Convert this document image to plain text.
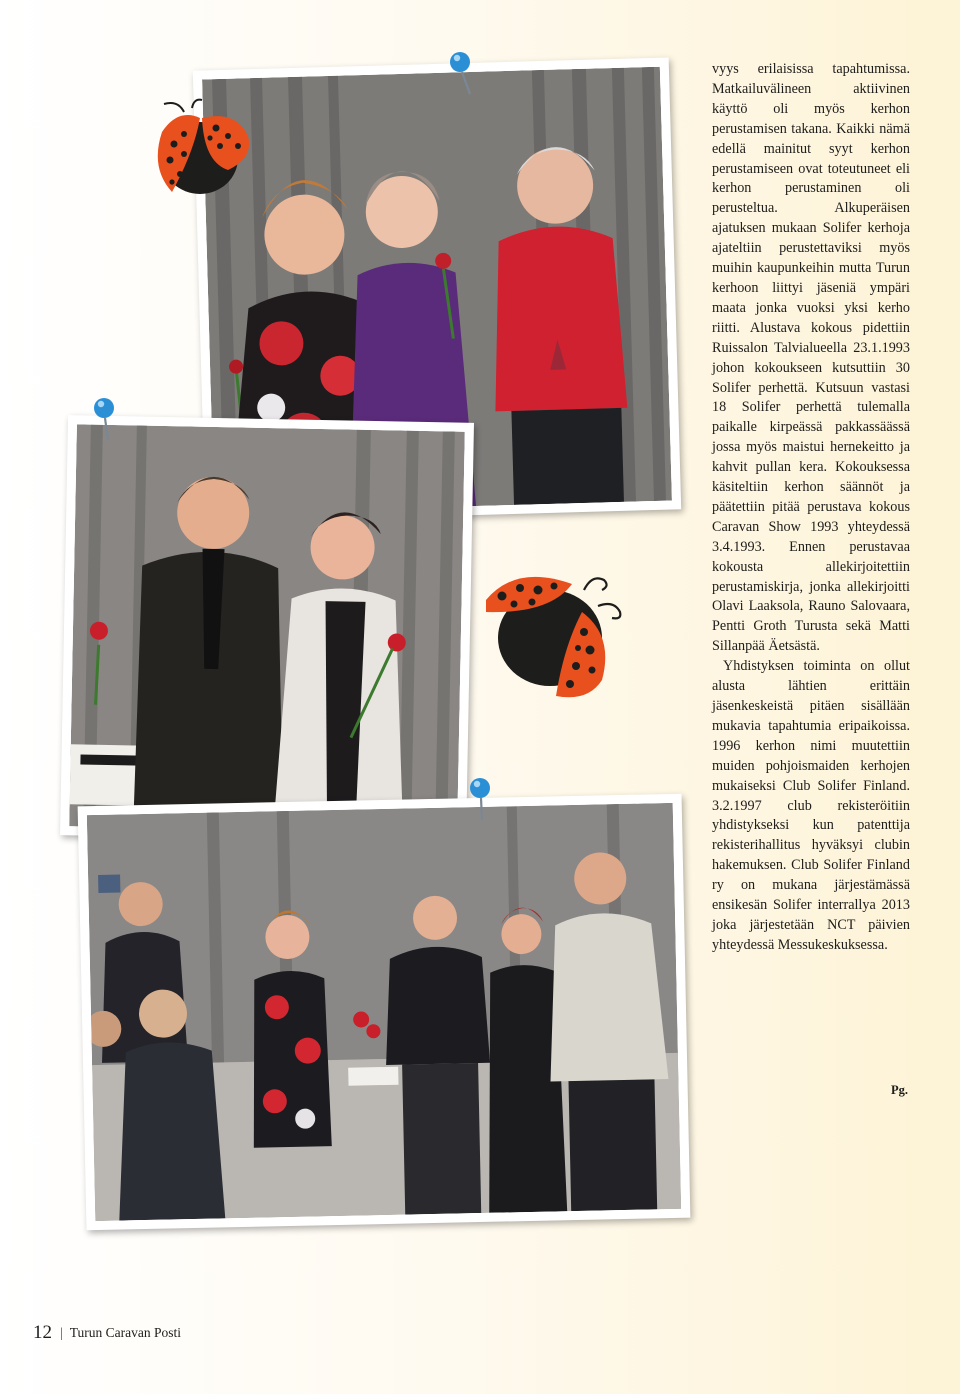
vyys erilaisissa tapahtumissa. Matkailuvälineen aktiivinen käyttö oli myös kerhon perustamisen takana. Kaikki nämä edellä mainitut syyt kerhon perustamiseen ovat toteutuneet eli kerhon perustaminen oli perusteltua. Alkuperäisen ajatuksen mukaan Solifer kerhoja ajateltiin perustettaviksi myös muihin kaupunkeihin mutta Turun kerhoon liittyi jäseniä ympäri maata jonka vuoksi yksi kerho riitti. Alustava kokous pidettiin Ruissalon Talvialueella 23.1.1993 johon kokoukseen kutsuttiin 30 Solifer perhettä. Kutsuun vastasi 18 Solifer perhettä tulemalla paikalle kirpeässä pakkassäässä jossa myös maistui hernekeitto ja kahvit pullan kera. Kokouksessa käsiteltiin kerhon säännöt ja päätettiin pitää perustava kokous Caravan Show 1993 yhteydessä 3.4.1993. Ennen perustavaa kokousta allekirjoitettiin perustamiskirja, jonka allekirjoitti Olavi Laaksola, Rauno Salovaara, Pentti Groth Turusta sekä Matti Sillanpää Äetsästä.

Yhdistyksen toiminta on ollut alusta lähtien erittäin jäsenkeskeistä pitäen sisällään mukavia tapahtumia eripaikoissa. 1996 kerhon nimi muutettiin muiden pohjoismaiden kerhojen mukaiseksi Club Solifer Finland. 3.2.1997 club rekisteröitiin yhdistykseksi kun patenttija rekisterihallitus hyväksyi clubin hakemuksen. Club Solifer Finland ry on mukana järjestämässä ensikesän Solifer interrallya 2013 joka järjestetään NCT päivien yhteydessä Messukeskuksessa.

Pg.
12 | Turun Caravan Posti
